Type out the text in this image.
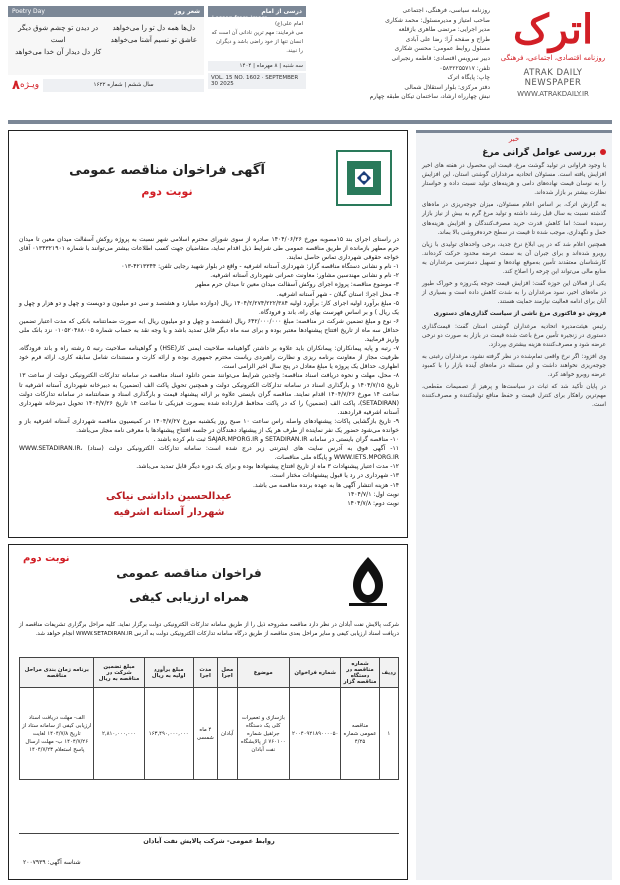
اترک
روزنامه اقتصادی، اجتماعی، فرهنگی
ATRAK DAILY NEWSPAPER
WWW.ATRAKDAILY.IR
روزنامه سیاسی، فرهنگی، اجتماعی
صاحب امتیاز و مدیرمسئول: محمد شکاری
مدیر اجرایی: مرتضی طاهری بازقلعه
طراح و صفحه آرا: رضا علی آبادی
مسئول روابط عمومی: محسن شکاری
دبیر سرویس اقتصادی: فاطمه رنجبرانی
تلفن: ۰۵۸۳۲۲۵۵۷۱۷
چاپ: پایگاه اترک
دفتر مرکزی: بلوار استقلال شمالی
نبش چهارراه ارشاد، ساختمان تیکان طبقه چهارم
درسی از امام
Lesson from Imam
امام علی(ع) می فرمایند: مهم ترین نادانی آن است که انسان تنها از خود راضی باشد و دیگران را نبیند.
سه شنبه | ۸ مهرماه | ۱۴۰۴
VOL. 15 NO. 1602 · SEPTEMBER 30 2025
Poetry Day	شعر روز
دل‌ها همه دل تو را می‌خواهد
عاشق تو نسیم آشنا می‌خواهد
در دیدن تو چشم شوق دیگر است
کار دل دیدار آن خدا می‌خواهد
سال ششم | شماره ۱۶۲۲
ویـژه
۸
خبر
بررسی عوامل گرانی مرغ

با وجود فراوانی در تولید گوشت مرغ، قیمت این محصول در هفته های اخیر افزایش یافته است. مسئولان اتحادیه مرغداران گوشتی استان، این افزایش را به نوسان قیمت نهاده‌های دامی و هزینه‌های تولید نسبت داده و خواستار نظارت بیشتر بر بازار شده‌اند.

به گزارش اترک، بر اساس اعلام مسئولان، میزان جوجه‌ریزی در ماه‌های گذشته نسبت به سال قبل رشد داشته و تولید مرغ گرم به بیش از نیاز بازار رسیده است؛ اما کاهش قدرت خرید مصرف‌کنندگان و افزایش هزینه‌های حمل و نگهداری، موجب شده تا قیمت در سطح خرده‌فروشی بالا بماند.

همچنین اعلام شد که در پی ابلاغ نرخ جدید، برخی واحدهای تولیدی با زیان روبرو شده‌اند و برای جبران آن به سمت عرضه محدود حرکت کرده‌اند. کارشناسان معتقدند تأمین به‌موقع نهاده‌ها و تسهیل دسترسی مرغداران به منابع مالی می‌تواند این چرخه را اصلاح کند.

یکی از فعالان این حوزه گفت: افزایش قیمت جوجه یک‌روزه و خوراک طیور در ماه‌های اخیر، سود مرغداران را به شدت کاهش داده است و بسیاری از آنان برای ادامه فعالیت نیازمند حمایت هستند.

فروش دو قاکتوری مرغ ناشی از سیاست گذاری‌های دستوری

رئیس هیئت‌مدیره اتحادیه مرغداران گوشتی استان گفت: قیمت‌گذاری دستوری در زنجیره تأمین مرغ باعث شده قیمت در بازار به صورت دو نرخی عرضه شود و مصرف‌کننده هزینه بیشتری بپردازد.

وی افزود: اگر نرخ واقعی تمام‌شده در نظر گرفته نشود، مرغداران رغبتی به جوجه‌ریزی نخواهند داشت و این مسئله در ماه‌های آینده بازار را با کمبود عرضه روبرو خواهد کرد.

در پایان تأکید شد که ثبات در سیاست‌ها و پرهیز از تصمیمات مقطعی، مهم‌ترین راهکار برای کنترل قیمت و حفظ منافع تولیدکننده و مصرف‌کننده است.

آگهی فراخوان مناقصه عمومی
نوبت دوم

در راستای اجرای بند ۱۵مصوبه مورخ ۱۴۰۴/۰۶/۲۶ صادره از سوی شورای محترم اسلامی شهر نسبت به پروژه روکش آسفالت میدان معین تا میدان حرم مطهر بازمانده از طریق مناقصه عمومی طی شرایط ذیل اقدام نماید، متقاضیان جهت کسب اطلاعات بیشتر می‌توانند با شماره ۰۱۳۴۳۲۱۹۰۱ آقای خواجه حقوقی شهرداری تماس حاصل نمایند.

۱- نام و نشانی دستگاه مناقصه گزار: شهرداری آستانه اشرفیه - واقع در بلوار شهید رجایی تلفن: ۴۲۱۳۳۴۴-۰۱۳

۲- نام و نشانی مهندسین مشاور: معاونت عمرانی شهرداری آستانه اشرفیه.

۳- موضوع مناقصه: پروژه اجرای روکش آسفالت میدان معین تا میدان حرم مطهر

۴- محل اجرا: استان گیلان - شهر آستانه اشرفیه.

۵- مبلغ برآورد اولیه اجرای کار: برآورد اولیه ۱۴۰۴/۲/۲۷۴/۲۲۲/۳۸۴ ریال (دوازده میلیارد و هشتصد و سی دو میلیون و دویست و چهل و دو هزار و چهل و یک ریال ) و بر اساس فهرست بهای راه، باند و فرودگاه.

۶- نوع و مبلغ تضمین شرکت در مناقصه: مبلغ ۶۴۲/۰۰۰/۰۰۰ ریال (ششصد و چهل و دو میلیون ریال )به صورت ضمانتنامه بانکی که مدت اعتبار تضمین حداقل سه ماه از تاریخ افتتاح پیشنهادها معتبر بوده و برای سه ماه دیگر قابل تمدید باشد و یا وجه نقد به حساب شماره ۰۱۰۵۲۰۴۸۸۰۰۵ نزد بانک ملی واریز فرمایید.

۷- رتبه و پایه پیمانکاران: پیمانکاران باید علاوه بر داشتن گواهینامه صلاحیت ایمنی کار(HSE) و گواهینامه صلاحیت رتبه ۵ رشته راه و باند فرودگاه، ظرفیت مجاز از معاونت برنامه ریزی و نظارت راهبردی ریاست محترم جمهوری بوده و ارائه کارت و مستندات شامل سابقه کاری، ارائه فرم خود اظهاری، حداقل یک پروژه یا مبلغ معادل در پنج سال اخیر الزامی است.

۸- محل، مهلت و نحوه دریافت اسناد مناقصه: واجدین شرایط می‌توانند ضمن دانلود اسناد مناقصه در سامانه تدارکات الکترونیکی دولت از ساعت ۱۳ تاریخ ۱۴۰۴/۷/۱۵ و بارگذاری اسناد در سامانه تدارکات الکترونیکی دولت و همچنین تحویل پاکت الف (تضمین) به دبیرخانه شهرداری آستانه اشرفیه تا ساعت ۱۴ مورخ ۱۴۰۴/۷/۲۶ اقدام نمایند. مناقصه گران بایستی علاوه بر ارائه پیشنهاد قیمت و بارگذاری اسناد و ضمانتنامه در سامانه تدارکات دولت (SETADIRAN)، پاکت الف (تضمین) را که در پاکت محافظ قرارداده شده بصورت فیزیکی تا ساعت ۱۴ تاریخ ۱۴۰۴/۷/۲۶ تحویل دبیرخانه شهرداری آستانه اشرفیه قراردهند.

۹- تاریخ بازگشایی پاکات: پیشنهادهای واصله راس ساعت ۱۰ صبح روز یکشنبه مورخ ۱۴۰۴/۷/۲۷ در کمیسیون مناقصه شهرداری آستانه اشرفیه باز و خوانده می‌شود حضور یک نفر نماینده از طرف هر یک از پیشنهاد دهندگان در جلسه افتتاح پیشنهادها با معرفی نامه مجاز می‌باشد.

۱۰- مناقصه گران بایستی در سامانه SETADIRAN.IR و SAJAR.MPORG.IR ثبت نام کرده باشند .

۱۱- آگهی فوق به آدرس سایت های اینترنتی زیر درج شده است: سامانه تدارکات الکترونیکی دولت (ستاد) WWW.SETADIRAN.IR، WWW.IETS.MPORG.IR و پایگاه ملی مناقصات.

۱۲- مدت اعتبار پیشنهادات ۳ ماه از تاریخ افتتاح پیشنهادها بوده و برای یک دوره دیگر قابل تمدید می‌باشد.

۱۳- شهرداری در رد یا قبول پیشنهادات مختار است.

۱۴- هزینه انتشار آگهی ها به عهده برنده مناقصه می باشد.

نوبت اول: ۱۴۰۴/۷/۱

نوبت دوم: ۱۴۰۴/۷/۸

عبدالحسین داداشی نیاکی
شهردار آستانه اشرفیه
نوبت دوم
فراخوان مناقصه عمومی
همراه ارزیابی کیفی
شرکت پالایش نفت آبادان در نظر دارد مناقصه مشروحه ذیل را از طریق سامانه تدارکات الکترونیکی دولت برگزار نماید. کلیه مراحل برگزاری تشریفات مناقصه از دریافت اسناد ارزیابی کیفی و سایر مراحل بعدی مناقصه از طریق درگاه سامانه تدارکات الکترونیکی دولت به آدرس WWW.SETADIRAN.IR انجام خواهد شد.
ردیف	شماره مناقصه در دستگاه مناقصه گزار	شماره فراخوان	موضوع	محل اجرا	مدت اجرا	مبلغ برآورد اولیه به ریال	مبلغ تضمین شرکت در مناقصه به ریال	برنامه زمان بندی مراحل مناقصه
۱	مناقصه عمومی شماره ۴/۲۵	۲۰۰۴۰۹۲۱۸۹۰۰۰۰۵۰	بازسازی و تعمیرات کلی یک دستگاه جرثقیل شماره ۷۶۰۱۰۰ از پالایشگاه نفت آبادان	آبادان	۴ ماه شمسی	۱۶۳,۴۹۰,۰۰۰,۰۰۰	۲,۸۱۰,۰۰۰,۰۰۰	الف- مهلت دریافت اسناد ارزیابی کیفی از سامانه ستاد از تاریخ ۱۴۰۴/۷/۸ لغایت ۱۴۰۴/۷/۲۶ ب- مهلت ارسال پاسخ استعلام ۱۴۰۴/۷/۲۳
روابط عمومی- شرکت پالایش نفت آبادان
شناسه آگهی: ۲۰۰۷۹۳۹
